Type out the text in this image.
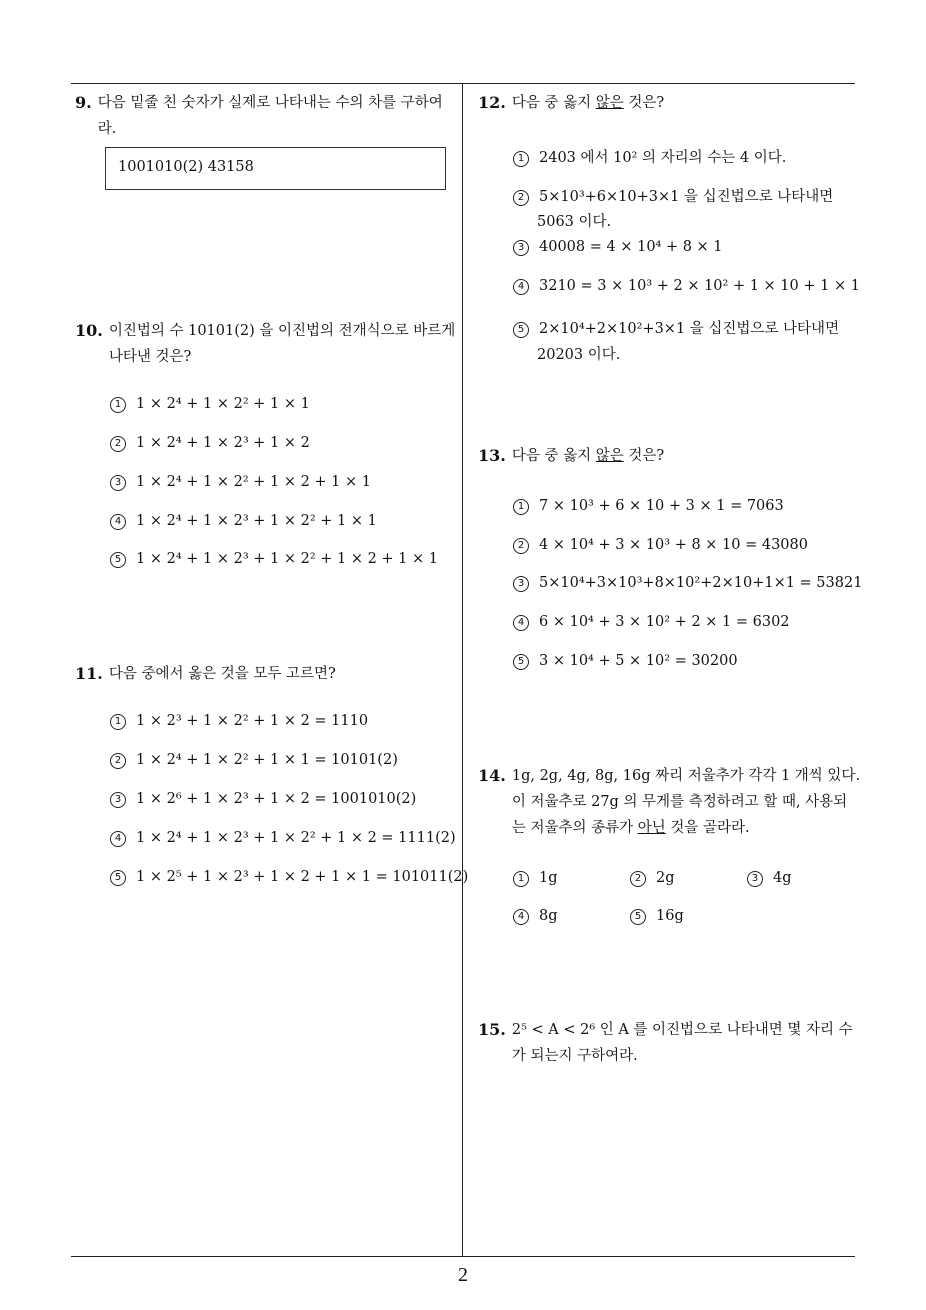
9. 다음 밑줄 친 숫자가 실제로 나타내는 수의 차를 구하여라.
1001010(2) 43158
10. 이진법의 수 10101(2) 을 이진법의 전개식으로 바르게 나타낸 것은?
1 1 × 2⁴ + 1 × 2² + 1 × 1
2 1 × 2⁴ + 1 × 2³ + 1 × 2
3 1 × 2⁴ + 1 × 2² + 1 × 2 + 1 × 1
4 1 × 2⁴ + 1 × 2³ + 1 × 2² + 1 × 1
5 1 × 2⁴ + 1 × 2³ + 1 × 2² + 1 × 2 + 1 × 1
11. 다음 중에서 옳은 것을 모두 고르면?
1 1 × 2³ + 1 × 2² + 1 × 2 = 1110
2 1 × 2⁴ + 1 × 2² + 1 × 1 = 10101(2)
3 1 × 2⁶ + 1 × 2³ + 1 × 2 = 1001010(2)
4 1 × 2⁴ + 1 × 2³ + 1 × 2² + 1 × 2 = 1111(2)
5 1 × 2⁵ + 1 × 2³ + 1 × 2 + 1 × 1 = 101011(2)
12. 다음 중 옳지 않은 것은?
1 2403 에서 10² 의 자리의 수는 4 이다.
2 5×10³+6×10+3×1 을 십진법으로 나타내면
5063 이다.
3 40008 = 4 × 10⁴ + 8 × 1
4 3210 = 3 × 10³ + 2 × 10² + 1 × 10 + 1 × 1
5 2×10⁴+2×10²+3×1 을 십진법으로 나타내면
20203 이다.
13. 다음 중 옳지 않은 것은?
1 7 × 10³ + 6 × 10 + 3 × 1 = 7063
2 4 × 10⁴ + 3 × 10³ + 8 × 10 = 43080
3 5×10⁴+3×10³+8×10²+2×10+1×1 = 53821
4 6 × 10⁴ + 3 × 10² + 2 × 1 = 6302
5 3 × 10⁴ + 5 × 10² = 30200
14. 1g, 2g, 4g, 8g, 16g 짜리 저울추가 각각 1 개씩 있다.
이 저울추로 27g 의 무게를 측정하려고 할 때, 사용되
는 저울추의 종류가 아닌 것을 골라라.
1 1g	2 2g	3 4g
4 8g	5 16g
15. 2⁵ < A < 2⁶ 인 A 를 이진법으로 나타내면 몇 자리 수가 되는지 구하여라.
2
